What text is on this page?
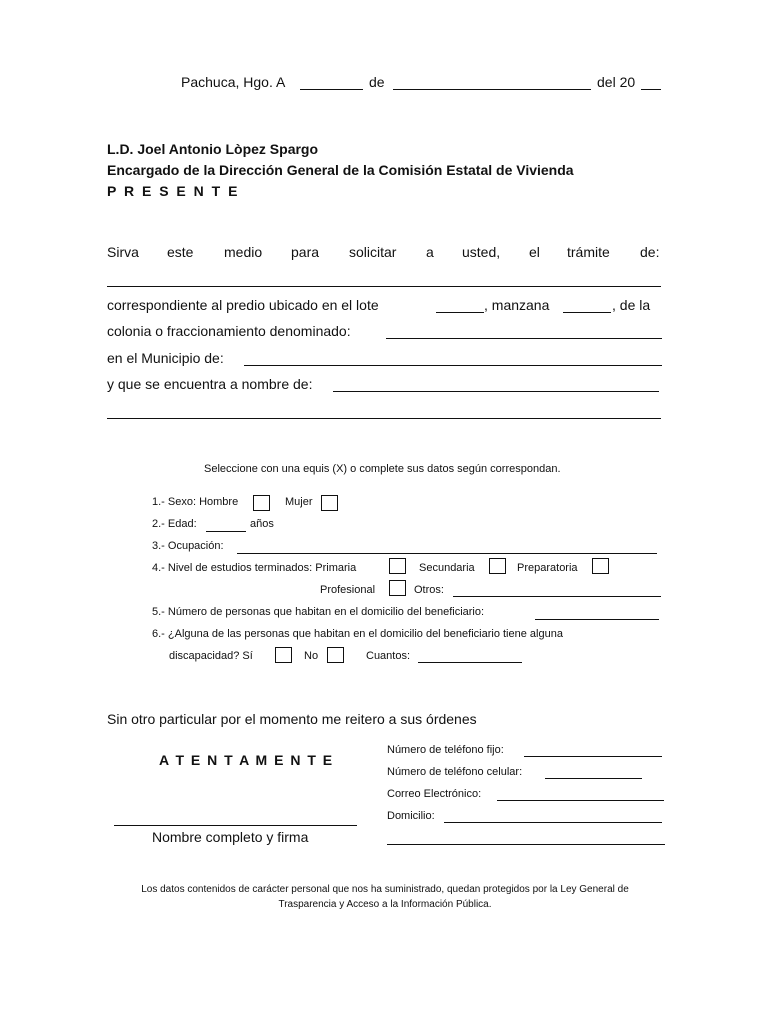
Pachuca, Hgo. A	de	del 20
L.D. Joel Antonio Lòpez Spargo
Encargado de la Dirección General de la Comisión Estatal de Vivienda
P R E S E N T E
Sirva este medio para solicitar a usted, el trámite de:
correspondiente al predio ubicado en el lote	, manzana	, de la
colonia o fraccionamiento denominado:
en el Municipio de:
y que se encuentra a nombre de:
Seleccione con una equis (X) o complete sus datos según correspondan.
1.- Sexo: Hombre	Mujer
2.- Edad:	años
3.- Ocupación:
4.- Nivel de estudios terminados: Primaria	Secundaria	Preparatoria
Profesional	Otros:
5.- Número de personas que habitan en el domicilio del beneficiario:
6.- ¿Alguna de las personas que habitan en el domicilio del beneficiario tiene alguna
discapacidad? Sí	No	Cuantos:
Sin otro particular por el momento me reitero a sus órdenes
A T E N T A M E N T E
Número de teléfono fijo:
Número de teléfono celular:
Correo Electrónico:
Domicilio:
Nombre completo y firma
Los datos contenidos de carácter personal que nos ha suministrado, quedan protegidos por la Ley General de
Trasparencia y Acceso a la Información Pública.
